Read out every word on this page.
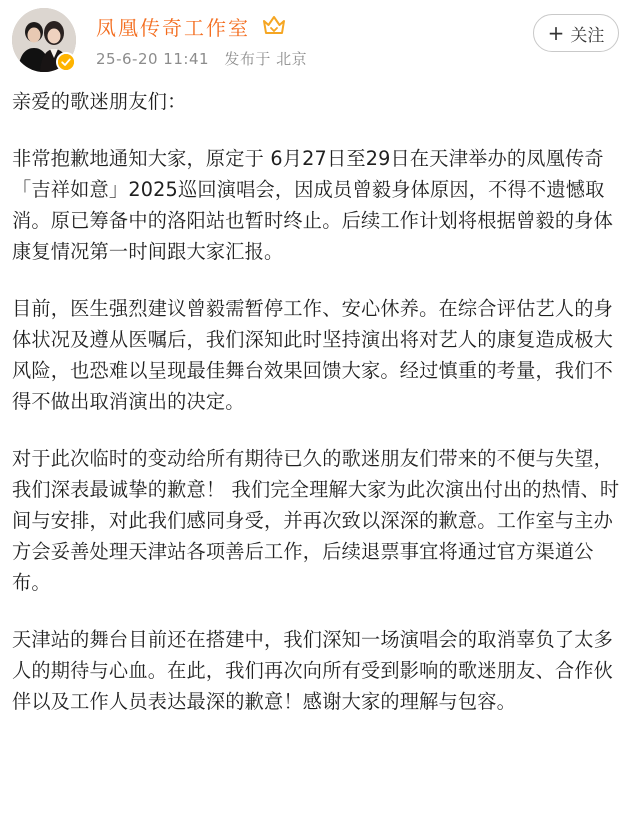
凤凰传奇工作室
25-6-20 11:41 发布于 北京
+ 关注

亲爱的歌迷朋友们：

非常抱歉地通知大家，原定于 6月27日至29日在天津举办的凤凰传奇「吉祥如意」2025巡回演唱会，因成员曾毅身体原因，不得不遗憾取消。原已筹备中的洛阳站也暂时终止。后续工作计划将根据曾毅的身体康复情况第一时间跟大家汇报。

目前，医生强烈建议曾毅需暂停工作、安心休养。在综合评估艺人的身体状况及遵从医嘱后，我们深知此时坚持演出将对艺人的康复造成极大风险，也恐难以呈现最佳舞台效果回馈大家。经过慎重的考量，我们不得不做出取消演出的决定。

对于此次临时的变动给所有期待已久的歌迷朋友们带来的不便与失望，我们深表最诚挚的歉意！ 我们完全理解大家为此次演出付出的热情、时间与安排，对此我们感同身受，并再次致以深深的歉意。工作室与主办方会妥善处理天津站各项善后工作，后续退票事宜将通过官方渠道公布。

天津站的舞台目前还在搭建中，我们深知一场演唱会的取消辜负了太多人的期待与心血。在此，我们再次向所有受到影响的歌迷朋友、合作伙伴以及工作人员表达最深的歉意！感谢大家的理解与包容。
